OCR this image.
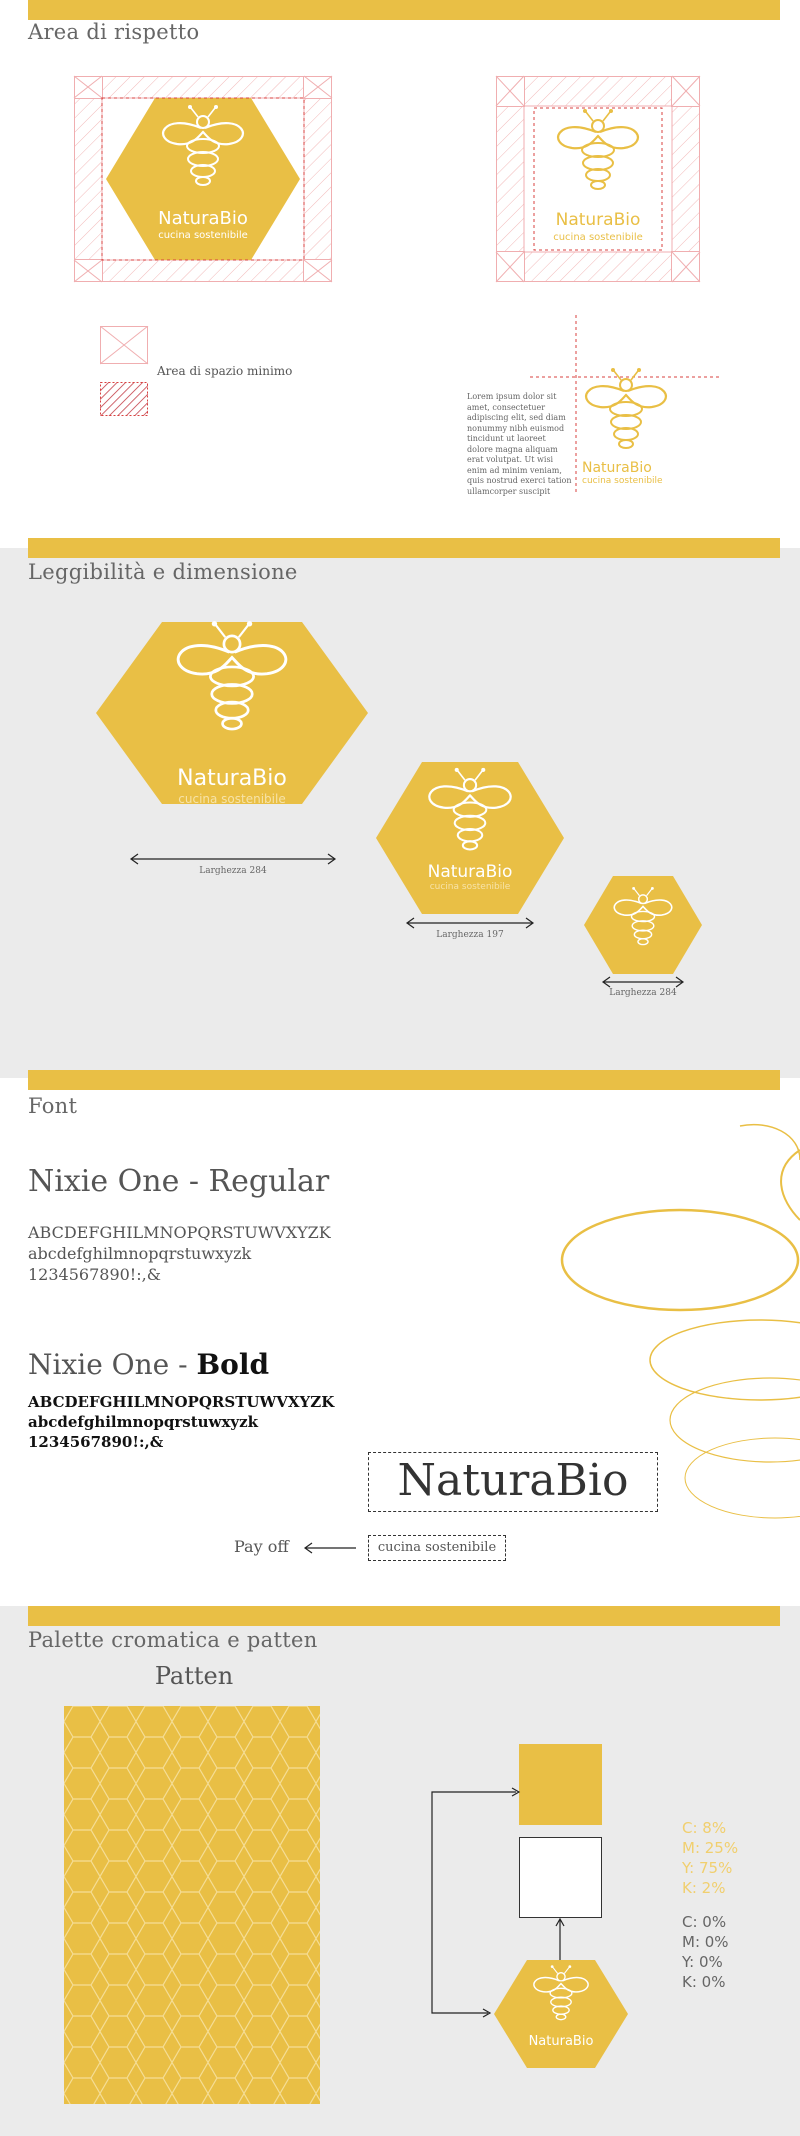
Area di rispetto
NaturaBio
cucina sostenibile
NaturaBio
cucina sostenibile
Area di spazio minimo
NaturaBio
cucina sostenibile
Lorem ipsum dolor sit amet, consectetuer adipiscing elit, sed diam nonummy nibh euismod tincidunt ut laoreet dolore magna aliquam erat volutpat. Ut wisi enim ad minim veniam, quis nostrud exerci tation ullamcorper suscipit
Leggibilità e dimensione
NaturaBio
cucina sostenibile
Larghezza 284	NaturaBio
cucina sostenibile
Larghezza 197
Larghezza 284
Font
Nixie One - Regular
ABCDEFGHILMNOPQRSTUWVXYZK
abcdefghilmnopqrstuwxyzk
1234567890!:,&
Nixie One - Bold
ABCDEFGHILMNOPQRSTUWVXYZK
abcdefghilmnopqrstuwxyzk
1234567890!:,&
NaturaBio
Pay off	cucina sostenibile
Palette cromatica e patten
Patten
NaturaBio
C: 8%
M: 25%
Y: 75%
K: 2%
C: 0%
M: 0%
Y: 0%
K: 0%
